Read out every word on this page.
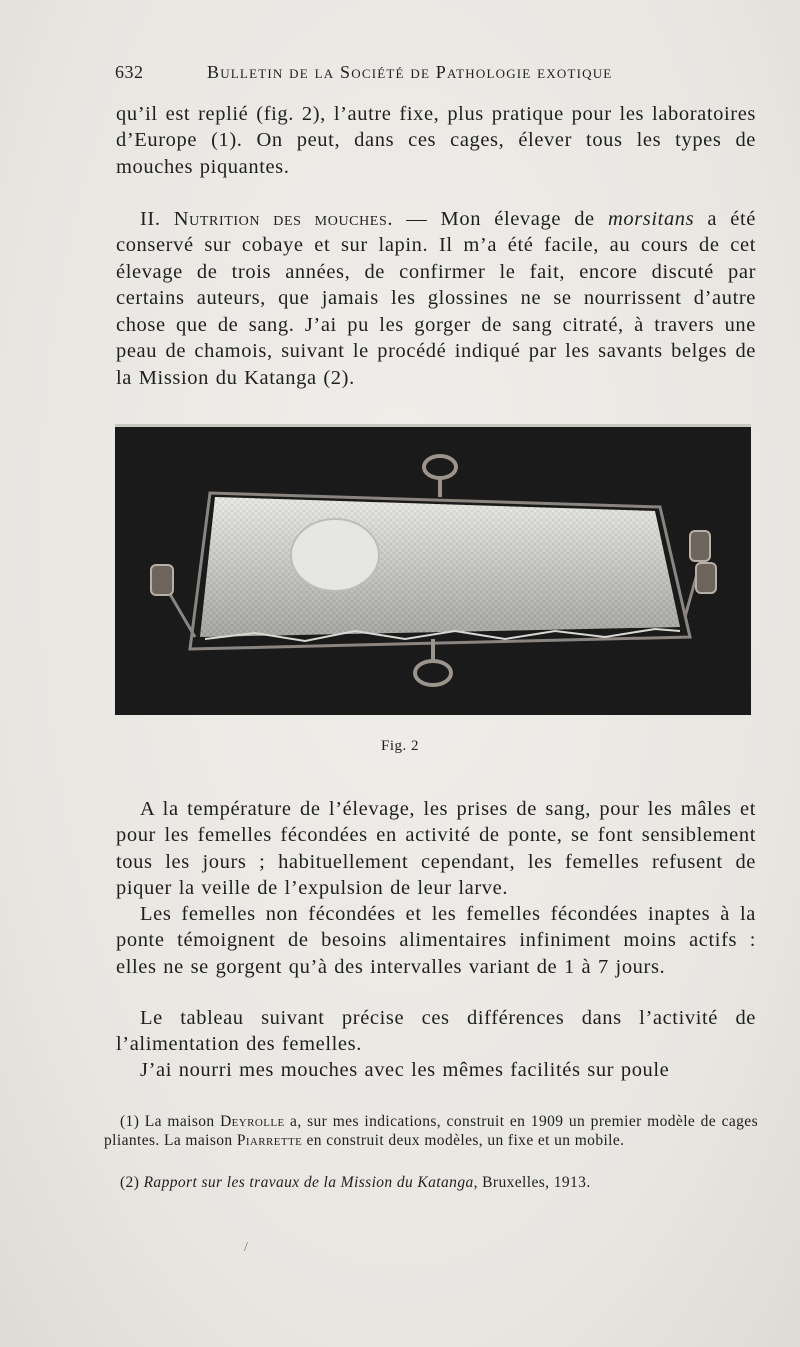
632	Bulletin de la Société de Pathologie exotique

qu’il est replié (fig. 2), l’autre fixe, plus pratique pour les laboratoires d’Europe (1). On peut, dans ces cages, élever tous les types de mouches piquantes.

II. Nutrition des mouches. — Mon élevage de morsitans a été conservé sur cobaye et sur lapin. Il m’a été facile, au cours de cet élevage de trois années, de confirmer le fait, encore discuté par certains auteurs, que jamais les glossines ne se nourrissent d’autre chose que de sang. J’ai pu les gorger de sang citraté, à travers une peau de chamois, suivant le procédé indiqué par les savants belges de la Mission du Katanga (2).

Fig. 2

A la température de l’élevage, les prises de sang, pour les mâles et pour les femelles fécondées en activité de ponte, se font sensiblement tous les jours ; habituellement cependant, les femelles refusent de piquer la veille de l’expulsion de leur larve.

Les femelles non fécondées et les femelles fécondées inaptes à la ponte témoignent de besoins alimentaires infiniment moins actifs : elles ne se gorgent qu’à des intervalles variant de 1 à 7 jours.

Le tableau suivant précise ces différences dans l’activité de l’alimentation des femelles.

J’ai nourri mes mouches avec les mêmes facilités sur poule

(1) La maison Deyrolle a, sur mes indications, construit en 1909 un premier modèle de cages pliantes. La maison Piarrette en construit deux modèles, un fixe et un mobile.

(2) Rapport sur les travaux de la Mission du Katanga, Bruxelles, 1913.

/
